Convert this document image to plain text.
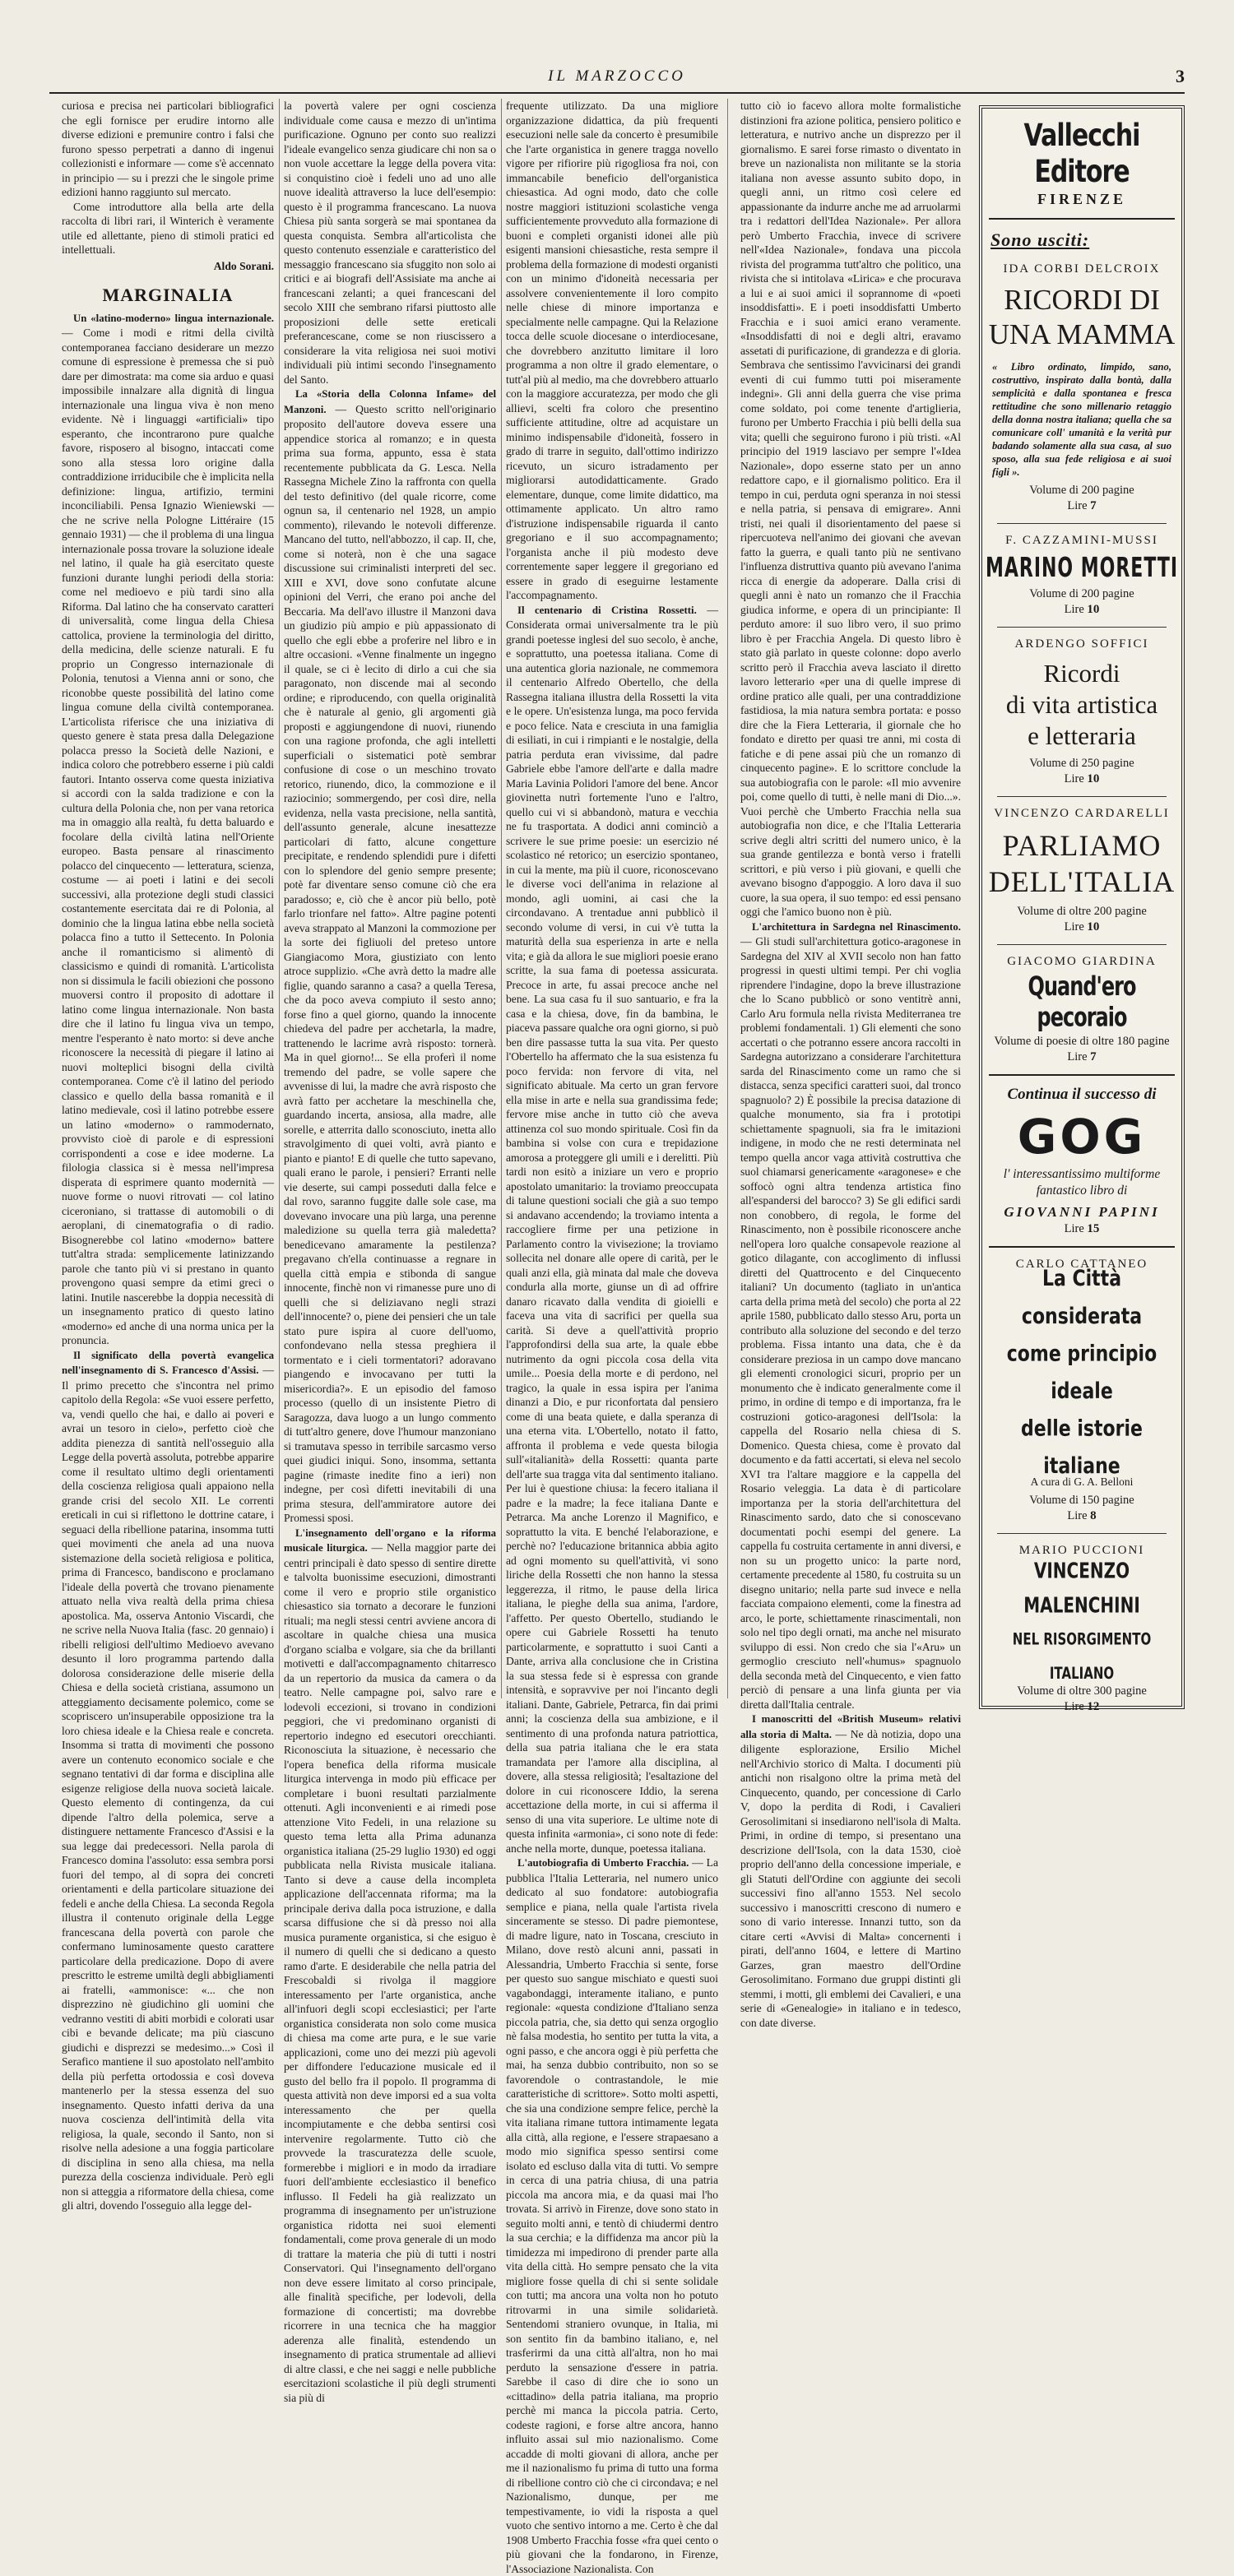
IL MARZOCCO	3

curiosa e precisa nei particolari bibliografici che egli fornisce per erudire intorno alle diverse edizioni e premunire contro i falsi che furono spesso perpetrati a danno di ingenui collezionisti e informare — come s'è accennato in principio — su i prezzi che le singole prime edizioni hanno raggiunto sul mercato.

Come introduttore alla bella arte della raccolta di libri rari, il Winterich è veramente utile ed allettante, pieno di stimoli pratici ed intellettuali.

Aldo Sorani.
MARGINALIA

Un «latino-moderno» lingua internazionale. — Come i modi e ritmi della civiltà contemporanea facciano desiderare un mezzo comune di espressione è premessa che si può dare per dimostrata: ma come sia arduo e quasi impossibile innalzare alla dignità di lingua internazionale una lingua viva è non meno evidente. Nè i linguaggi «artificiali» tipo esperanto, che incontrarono pure qualche favore, risposero al bisogno, intaccati come sono alla stessa loro origine dalla contraddizione irriducibile che è implicita nella definizione: lingua, artifizio, termini inconciliabili. Pensa Ignazio Wieniewski — che ne scrive nella Pologne Littéraire (15 gennaio 1931) — che il problema di una lingua internazionale possa trovare la soluzione ideale nel latino, il quale ha già esercitato queste funzioni durante lunghi periodi della storia: come nel medioevo e più tardi sino alla Riforma. Dal latino che ha conservato caratteri di universalità, come lingua della Chiesa cattolica, proviene la terminologia del diritto, della medicina, delle scienze naturali. E fu proprio un Congresso internazionale di Polonia, tenutosi a Vienna anni or sono, che riconobbe queste possibilità del latino come lingua comune della civiltà contemporanea. L'articolista riferisce che una iniziativa di questo genere è stata presa dalla Delegazione polacca presso la Società delle Nazioni, e indica coloro che potrebbero esserne i più caldi fautori. Intanto osserva come questa iniziativa si accordi con la salda tradizione e con la cultura della Polonia che, non per vana retorica ma in omaggio alla realtà, fu detta baluardo e focolare della civiltà latina nell'Oriente europeo. Basta pensare al rinascimento polacco del cinquecento — letteratura, scienza, costume — ai poeti i latini e dei secoli successivi, alla protezione degli studi classici costantemente esercitata dai re di Polonia, al dominio che la lingua latina ebbe nella società polacca fino a tutto il Settecento. In Polonia anche il romanticismo si alimentò di classicismo e quindi di romanità. L'articolista non si dissimula le facili obiezioni che possono muoversi contro il proposito di adottare il latino come lingua internazionale. Non basta dire che il latino fu lingua viva un tempo, mentre l'esperanto è nato morto: si deve anche riconoscere la necessità di piegare il latino ai nuovi molteplici bisogni della civiltà contemporanea. Come c'è il latino del periodo classico e quello della bassa romanità e il latino medievale, così il latino potrebbe essere un latino «moderno» o rammodernato, provvisto cioè di parole e di espressioni corrispondenti a cose e idee moderne. La filologia classica si è messa nell'impresa disperata di esprimere quanto modernità — nuove forme o nuovi ritrovati — col latino ciceroniano, si trattasse di automobili o di aeroplani, di cinematografia o di radio. Bisognerebbe col latino «moderno» battere tutt'altra strada: semplicemente latinizzando parole che tanto più vi si prestano in quanto provengono quasi sempre da etimi greci o latini. Inutile nascerebbe la doppia necessità di un insegnamento pratico di questo latino «moderno» ed anche di una norma unica per la pronuncia.

Il significato della povertà evangelica nell'insegnamento di S. Francesco d'Assisi. — Il primo precetto che s'incontra nel primo capitolo della Regola: «Se vuoi essere perfetto, va, vendi quello che hai, e dallo ai poveri e avrai un tesoro in cielo», perfetto cioè che addita pienezza di santità nell'osseguio alla Legge della povertà assoluta, potrebbe apparire come il resultato ultimo degli orientamenti della coscienza religiosa quali appaiono nella grande crisi del secolo XII. Le correnti ereticali in cui si riflettono le dottrine catare, i seguaci della ribellione patarina, insomma tutti quei movimenti che anela ad una nuova sistemazione della società religiosa e politica, prima di Francesco, bandiscono e proclamano l'ideale della povertà che trovano pienamente attuato nella viva realtà della prima chiesa apostolica. Ma, osserva Antonio Viscardi, che ne scrive nella Nuova Italia (fasc. 20 gennaio) i ribelli religiosi dell'ultimo Medioevo avevano desunto il loro programma partendo dalla dolorosa considerazione delle miserie della Chiesa e della società cristiana, assumono un atteggiamento decisamente polemico, come se scopriscero un'insuperabile opposizione tra la loro chiesa ideale e la Chiesa reale e concreta. Insomma si tratta di movimenti che possono avere un contenuto economico sociale e che segnano tentativi di dar forma e disciplina alle esigenze religiose della nuova società laicale. Questo elemento di contingenza, da cui dipende l'altro della polemica, serve a distinguere nettamente Francesco d'Assisi e la sua legge dai predecessori. Nella parola di Francesco domina l'assoluto: essa sembra porsi fuori del tempo, al di sopra dei concreti orientamenti e della particolare situazione dei fedeli e anche della Chiesa. La seconda Regola illustra il contenuto originale della Legge francescana della povertà con parole che confermano luminosamente questo carattere particolare della predicazione. Dopo di avere prescritto le estreme umiltà degli abbigliamenti ai fratelli, «ammonisce: «... che non disprezzino nè giudichino gli uomini che vedranno vestiti di abiti morbidi e colorati usar cibi e bevande delicate; ma più ciascuno giudichi e disprezzi se medesimo...» Così il Serafico mantiene il suo apostolato nell'ambito della più perfetta ortodossia e così doveva mantenerlo per la stessa essenza del suo insegnamento. Questo infatti deriva da una nuova coscienza dell'intimità della vita religiosa, la quale, secondo il Santo, non si risolve nella adesione a una foggia particolare di disciplina in seno alla chiesa, ma nella purezza della coscienza individuale. Però egli non si atteggia a riformatore della chiesa, come gli altri, dovendo l'osseguio alla legge del-

la povertà valere per ogni coscienza individuale come causa e mezzo di un'intima purificazione. Ognuno per conto suo realizzi l'ideale evangelico senza giudicare chi non sa o non vuole accettare la legge della povera vita: si conquistino cioè i fedeli uno ad uno alle nuove idealità attraverso la luce dell'esempio: questo è il programma francescano. La nuova Chiesa più santa sorgerà se mai spontanea da questa conquista. Sembra all'articolista che questo contenuto essenziale e caratteristico del messaggio francescano sia sfuggito non solo ai critici e ai biografi dell'Assisiate ma anche ai francescani zelanti; a quei francescani del secolo XIII che sembrano rifarsi piuttosto alle proposizioni delle sette ereticali preferancescane, come se non riuscissero a considerare la vita religiosa nei suoi motivi individuali più intimi secondo l'insegnamento del Santo.

La «Storia della Colonna Infame» del Manzoni. — Questo scritto nell'originario proposito dell'autore doveva essere una appendice storica al romanzo; e in questa prima sua forma, appunto, essa è stata recentemente pubblicata da G. Lesca. Nella Rassegna Michele Zino la raffronta con quella del testo definitivo (del quale ricorre, come ognun sa, il centenario nel 1928, un ampio commento), rilevando le notevoli differenze. Mancano del tutto, nell'abbozzo, il cap. II, che, come si noterà, non è che una sagace discussione sui criminalisti interpreti del sec. XIII e XVI, dove sono confutate alcune opinioni del Verri, che erano poi anche del Beccaria. Ma dell'avo illustre il Manzoni dava un giudizio più ampio e più appassionato di quello che egli ebbe a proferire nel libro e in altre occasioni. «Venne finalmente un ingegno il quale, se ci è lecito di dirlo a cui che sia paragonato, non discende mai al secondo ordine; e riproducendo, con quella originalità che è naturale al genio, gli argomenti già proposti e aggiungendone di nuovi, riunendo con una ragione profonda, che agli intelletti superficiali o sistematici potè sembrar confusione di cose o un meschino trovato retorico, riunendo, dico, la commozione e il raziocinio; sommergendo, per così dire, nella evidenza, nella vasta precisione, nella santità, dell'assunto generale, alcune inesattezze particolari di fatto, alcune congetture precipitate, e rendendo splendidi pure i difetti con lo splendore del genio sempre presente; potè far diventare senso comune ciò che era paradosso; e, ciò che è ancor più bello, potè farlo trionfare nel fatto». Altre pagine potenti aveva strappato al Manzoni la commozione per la sorte dei figliuoli del preteso untore Giangiacomo Mora, giustiziato con lento atroce supplizio. «Che avrà detto la madre alle figlie, quando saranno a casa? a quella Teresa, che da poco aveva compiuto il sesto anno; forse fino a quel giorno, quando la innocente chiedeva del padre per acchetarla, la madre, trattenendo le lacrime avrà risposto: tornerà. Ma in quel giorno!... Se ella proferì il nome tremendo del padre, se volle sapere che avvenisse di lui, la madre che avrà risposto che avrà fatto per acchetare la meschinella che, guardando incerta, ansiosa, alla madre, alle sorelle, e atterrita dallo sconosciuto, inetta allo stravolgimento di quei volti, avrà pianto e pianto e pianto! E di quelle che tutto sapevano, quali erano le parole, i pensieri? Erranti nelle vie deserte, sui campi posseduti dalla felce e dal rovo, saranno fuggite dalle sole case, ma dovevano invocare una più larga, una perenne maledizione su quella terra già maledetta? benedicevano amaramente la pestilenza? pregavano ch'ella continuasse a regnare in quella città empia e stibonda di sangue innocente, finchè non vi rimanesse pure uno di quelli che si deliziavano negli strazi dell'innocente? o, piene dei pensieri che un tale stato pure ispira al cuore dell'uomo, confondevano nella stessa preghiera il tormentato e i cieli tormentatori? adoravano piangendo e invocavano per tutti la misericordia?». E un episodio del famoso processo (quello di un insistente Pietro di Saragozza, dava luogo a un lungo commento di tutt'altro genere, dove l'humour manzoniano si tramutava spesso in terribile sarcasmo verso quei giudici iniqui. Sono, insomma, settanta pagine (rimaste inedite fino a ieri) non indegne, per così difetti inevitabili di una prima stesura, dell'ammiratore autore dei Promessi sposi.

L'insegnamento dell'organo e la riforma musicale liturgica. — Nella maggior parte dei centri principali è dato spesso di sentire dirette e talvolta buonissime esecuzioni, dimostranti come il vero e proprio stile organistico chiesastico sia tornato a decorare le funzioni rituali; ma negli stessi centri avviene ancora di ascoltare in qualche chiesa una musica d'organo scialba e volgare, sia che da brillanti motivetti e dall'accompagnamento chitarresco da un repertorio da musica da camera o da teatro. Nelle campagne poi, salvo rare e lodevoli eccezioni, si trovano in condizioni peggiori, che vi predominano organisti di repertorio indegno ed esecutori orecchianti. Riconosciuta la situazione, è necessario che l'opera benefica della riforma musicale liturgica intervenga in modo più efficace per completare i buoni resultati parzialmente ottenuti. Agli inconvenienti e ai rimedi pose attenzione Vito Fedeli, in una relazione su questo tema letta alla Prima adunanza organistica italiana (25-29 luglio 1930) ed oggi pubblicata nella Rivista musicale italiana. Tanto si deve a cause della incompleta applicazione dell'accennata riforma; ma la principale deriva dalla poca istruzione, e dalla scarsa diffusione che si dà presso noi alla musica puramente organistica, si che esiguo è il numero di quelli che si dedicano a questo ramo d'arte. E desiderabile che nella patria del Frescobaldi si rivolga il maggiore interessamento per l'arte organistica, anche all'infuori degli scopi ecclesiastici; per l'arte organistica considerata non solo come musica di chiesa ma come arte pura, e le sue varie applicazioni, come uno dei mezzi più agevoli per diffondere l'educazione musicale ed il gusto del bello fra il popolo. Il programma di questa attività non deve imporsi ed a sua volta interessamento che per quella incompiutamente e che debba sentirsi così intervenire regolarmente. Tutto ciò che provvede la trascuratezza delle scuole, formerebbe i migliori e in modo da irradiare fuori dell'ambiente ecclesiastico il benefico influsso. Il Fedeli ha già realizzato un programma di insegnamento per un'istruzione organistica ridotta nei suoi elementi fondamentali, come prova generale di un modo di trattare la materia che più di tutti i nostri Conservatori. Qui l'insegnamento dell'organo non deve essere limitato al corso principale, alle finalità specifiche, per lodevoli, della formazione di concertisti; ma dovrebbe ricorrere in una tecnica che ha maggior aderenza alle finalità, estendendo un insegnamento di pratica strumentale ad allievi di altre classi, e che nei saggi e nelle pubbliche esercitazioni scolastiche il più degli strumenti sia più di

frequente utilizzato. Da una migliore organizzazione didattica, da più frequenti esecuzioni nelle sale da concerto è presumibile che l'arte organistica in genere tragga novello vigore per rifiorire più rigogliosa fra noi, con immancabile beneficio dell'organistica chiesastica. Ad ogni modo, dato che colle nostre maggiori istituzioni scolastiche venga sufficientemente provveduto alla formazione di buoni e completi organisti idonei alle più esigenti mansioni chiesastiche, resta sempre il problema della formazione di modesti organisti con un minimo d'idoneità necessaria per assolvere convenientemente il loro compito nelle chiese di minore importanza e specialmente nelle campagne. Qui la Relazione tocca delle scuole diocesane o interdiocesane, che dovrebbero anzitutto limitare il loro programma a non oltre il grado elementare, o tutt'al più al medio, ma che dovrebbero attuarlo con la maggiore accuratezza, per modo che gli allievi, scelti fra coloro che presentino sufficiente attitudine, oltre ad acquistare un minimo indispensabile d'idoneità, fossero in grado di trarre in seguito, dall'ottimo indirizzo ricevuto, un sicuro istradamento per migliorarsi autodidatticamente. Grado elementare, dunque, come limite didattico, ma ottimamente applicato. Un altro ramo d'istruzione indispensabile riguarda il canto gregoriano e il suo accompagnamento; l'organista anche il più modesto deve correntemente saper leggere il gregoriano ed essere in grado di eseguirne lestamente l'accompagnamento.

Il centenario di Cristina Rossetti. — Considerata ormai universalmente tra le più grandi poetesse inglesi del suo secolo, è anche, e soprattutto, una poetessa italiana. Come di una autentica gloria nazionale, ne commemora il centenario Alfredo Obertello, che della Rassegna italiana illustra della Rossetti la vita e le opere. Un'esistenza lunga, ma poco fervida e poco felice. Nata e cresciuta in una famiglia di esiliati, in cui i rimpianti e le nostalgie, della patria perduta eran vivissime, dal padre Gabriele ebbe l'amore dell'arte e dalla madre Maria Lavinia Polidori l'amore del bene. Ancor giovinetta nutrì fortemente l'uno e l'altro, quello cui vi si abbandonò, matura e vecchia ne fu trasportata. A dodici anni cominciò a scrivere le sue prime poesie: un esercizio né scolastico né retorico; un esercizio spontaneo, in cui la mente, ma più il cuore, riconoscevano le diverse voci dell'anima in relazione al mondo, agli uomini, ai casi che la circondavano. A trentadue anni pubblicò il secondo volume di versi, in cui v'è tutta la maturità della sua esperienza in arte e nella vita; e già da allora le sue migliori poesie erano scritte, la sua fama di poetessa assicurata. Precoce in arte, fu assai precoce anche nel bene. La sua casa fu il suo santuario, e fra la casa e la chiesa, dove, fin da bambina, le piaceva passare qualche ora ogni giorno, si può ben dire passasse tutta la sua vita. Per questo l'Obertello ha affermato che la sua esistenza fu poco fervida: non fervore di vita, nel significato abituale. Ma certo un gran fervore ella mise in arte e nella sua grandissima fede; fervore mise anche in tutto ciò che aveva attinenza col suo mondo spirituale. Così fin da bambina si volse con cura e trepidazione amorosa a proteggere gli umili e i derelitti. Più tardi non esitò a iniziare un vero e proprio apostolato umanitario: la troviamo preoccupata di talune questioni sociali che già a suo tempo si andavano accendendo; la troviamo intenta a raccogliere firme per una petizione in Parlamento contro la vivisezione; la troviamo sollecita nel donare alle opere di carità, per le quali anzi ella, già minata dal male che doveva condurla alla morte, giunse un dì ad offrire danaro ricavato dalla vendita di gioielli e faceva una vita di sacrifici per quella sua carità. Si deve a quell'attività proprio l'approfondirsi della sua arte, la quale ebbe nutrimento da ogni piccola cosa della vita umile... Poesia della morte e di perdono, nel tragico, la quale in essa ispira per l'anima dinanzi a Dio, e pur riconfortata dal pensiero come di una beata quiete, e dalla speranza di una eterna vita. L'Obertello, notato il fatto, affronta il problema e vede questa bilogia sull'«italianità» della Rossetti: quanta parte dell'arte sua tragga vita dal sentimento italiano. Per lui è questione chiusa: la fecero italiana il padre e la madre; la fece italiana Dante e Petrarca. Ma anche Lorenzo il Magnifico, e soprattutto la vita. E benché l'elaborazione, e perchè no? l'educazione britannica abbia agito ad ogni momento su quell'attività, vi sono liriche della Rossetti che non hanno la stessa leggerezza, il ritmo, le pause della lirica italiana, le pieghe della sua anima, l'ardore, l'affetto. Per questo Obertello, studiando le opere cui Gabriele Rossetti ha tenuto particolarmente, e soprattutto i suoi Canti a Dante, arriva alla conclusione che in Cristina la sua stessa fede si è espressa con grande intensità, e sopravvive per noi l'incanto degli italiani. Dante, Gabriele, Petrarca, fin dai primi anni; la coscienza della sua ambizione, e il sentimento di una profonda natura patriottica, della sua patria italiana che le era stata tramandata per l'amore alla disciplina, al dovere, alla stessa religiosità; l'esaltazione del dolore in cui riconoscere Iddio, la serena accettazione della morte, in cui si afferma il senso di una vita superiore. Le ultime note di questa infinita «armonia», ci sono note di fede: anche nella morte, dunque, poetessa italiana.

L'autobiografia di Umberto Fracchia. — La pubblica l'Italia Letteraria, nel numero unico dedicato al suo fondatore: autobiografia semplice e piana, nella quale l'artista rivela sinceramente se stesso. Di padre piemontese, di madre ligure, nato in Toscana, cresciuto in Milano, dove restò alcuni anni, passati in Alessandria, Umberto Fracchia si sente, forse per questo suo sangue mischiato e questi suoi vagabondaggi, interamente italiano, e punto regionale: «questa condizione d'Italiano senza piccola patria, che, sia detto qui senza orgoglio nè falsa modestia, ho sentito per tutta la vita, a ogni passo, e che ancora oggi è più perfetta che mai, ha senza dubbio contribuito, non so se favorendole o contrastandole, le mie caratteristiche di scrittore». Sotto molti aspetti, che sia una condizione sempre felice, perchè la vita italiana rimane tuttora intimamente legata alla città, alla regione, e l'essere strapaesano a modo mio significa spesso sentirsi come isolato ed escluso dalla vita di tutti. Vo sempre in cerca di una patria chiusa, di una patria piccola ma ancora mia, e da quasi mai l'ho trovata. Si arrivò in Firenze, dove sono stato in seguito molti anni, e tentò di chiudermi dentro la sua cerchia; e la diffidenza ma ancor più la timidezza mi impedirono di prender parte alla vita della città. Ho sempre pensato che la vita migliore fosse quella di chi si sente solidale con tutti; ma ancora una volta non ho potuto ritrovarmi in una simile solidarietà. Sentendomi straniero ovunque, in Italia, mi son sentito fin da bambino italiano, e, nel trasferirmi da una città all'altra, non ho mai perduto la sensazione d'essere in patria. Sarebbe il caso di dire che io sono un «cittadino» della patria italiana, ma proprio perchè mi manca la piccola patria. Certo, codeste ragioni, e forse altre ancora, hanno influito assai sul mio nazionalismo. Come accadde di molti giovani di allora, anche per me il nazionalismo fu prima di tutto una forma di ribellione contro ciò che ci circondava; e nel Nazionalismo, dunque, per me tempestivamente, io vidi la risposta a quel vuoto che sentivo intorno a me. Certo è che dal 1908 Umberto Fracchia fosse «fra quei cento o più giovani che la fondarono, in Firenze, l'Associazione Nazionalista. Con

tutto ciò io facevo allora molte formalistiche distinzioni fra azione politica, pensiero politico e letteratura, e nutrivo anche un disprezzo per il giornalismo. E sarei forse rimasto o diventato in breve un nazionalista non militante se la storia italiana non avesse assunto subito dopo, in quegli anni, un ritmo così celere ed appassionante da indurre anche me ad arruolarmi tra i redattori dell'Idea Nazionale». Per allora però Umberto Fracchia, invece di scrivere nell'«Idea Nazionale», fondava una piccola rivista del programma tutt'altro che politico, una rivista che si intitolava «Lirica» e che procurava a lui e ai suoi amici il soprannome di «poeti insoddisfatti». E i poeti insoddisfatti Umberto Fracchia e i suoi amici erano veramente. «Insoddisfatti di noi e degli altri, eravamo assetati di purificazione, di grandezza e di gloria. Sembrava che sentissimo l'avvicinarsi dei grandi eventi di cui fummo tutti poi miseramente indegni». Gli anni della guerra che vise prima come soldato, poi come tenente d'artiglieria, furono per Umberto Fracchia i più belli della sua vita; quelli che seguirono furono i più tristi. «Al principio del 1919 lasciavo per sempre l'«Idea Nazionale», dopo esserne stato per un anno redattore capo, e il giornalismo politico. Era il tempo in cui, perduta ogni speranza in noi stessi e nella patria, si pensava di emigrare». Anni tristi, nei quali il disorientamento del paese si ripercuoteva nell'animo dei giovani che avevan fatto la guerra, e quali tanto più ne sentivano l'influenza distruttiva quanto più avevano l'anima ricca di energie da adoperare. Dalla crisi di quegli anni è nato un romanzo che il Fracchia giudica informe, e opera di un principiante: Il perduto amore: il suo libro vero, il suo primo libro è per Fracchia Angela. Di questo libro è stato già parlato in queste colonne: dopo averlo scritto però il Fracchia aveva lasciato il diretto lavoro letterario «per una di quelle imprese di ordine pratico alle quali, per una contraddizione fastidiosa, la mia natura sembra portata: e posso dire che la Fiera Letteraria, il giornale che ho fondato e diretto per quasi tre anni, mi costa di fatiche e di pene assai più che un romanzo di cinquecento pagine». E lo scrittore conclude la sua autobiografia con le parole: «Il mio avvenire poi, come quello di tutti, è nelle mani di Dio...». Vuoi perchè che Umberto Fracchia nella sua autobiografia non dice, e che l'Italia Letteraria scrive degli altri scritti del numero unico, è la sua grande gentilezza e bontà verso i fratelli scrittori, e più verso i più giovani, e quelli che avevano bisogno d'appoggio. A loro dava il suo cuore, la sua opera, il suo tempo: ed essi pensano oggi che l'amico buono non è più.

L'architettura in Sardegna nel Rinascimento. — Gli studi sull'architettura gotico-aragonese in Sardegna del XIV al XVII secolo non han fatto progressi in questi ultimi tempi. Per chi voglia riprendere l'indagine, dopo la breve illustrazione che lo Scano pubblicò or sono ventitrè anni, Carlo Aru formula nella rivista Mediterranea tre problemi fondamentali. 1) Gli elementi che sono accertati o che potranno essere ancora raccolti in Sardegna autorizzano a considerare l'architettura sarda del Rinascimento come un ramo che si distacca, senza specifici caratteri suoi, dal tronco spagnuolo? 2) È possibile la precisa datazione di qualche monumento, sia fra i prototipi schiettamente spagnuoli, sia fra le imitazioni indigene, in modo che ne resti determinata nel tempo quella ancor vaga attività costruttiva che suol chiamarsi genericamente «aragonese» e che soffocò ogni altra tendenza artistica fino all'espandersi del barocco? 3) Se gli edifici sardi non conobbero, di regola, le forme del Rinascimento, non è possibile riconoscere anche nell'opera loro qualche consapevole reazione al gotico dilagante, con accoglimento di influssi diretti del Quattrocento e del Cinquecento italiani? Un documento (tagliato in un'antica carta della prima metà del secolo) che porta al 22 aprile 1580, pubblicato dallo stesso Aru, porta un contributo alla soluzione del secondo e del terzo problema. Fissa intanto una data, che è da considerare preziosa in un campo dove mancano gli elementi cronologici sicuri, proprio per un monumento che è indicato generalmente come il primo, in ordine di tempo e di importanza, fra le costruzioni gotico-aragonesi dell'Isola: la cappella del Rosario nella chiesa di S. Domenico. Questa chiesa, come è provato dal documento e da fatti accertati, si eleva nel secolo XVI tra l'altare maggiore e la cappella del Rosario veleggia. La data è di particolare importanza per la storia dell'architettura del Rinascimento sardo, dato che si conoscevano documentati pochi esempi del genere. La cappella fu costruita certamente in anni diversi, e non su un progetto unico: la parte nord, certamente precedente al 1580, fu costruita su un disegno unitario; nella parte sud invece e nella facciata compaiono elementi, come la finestra ad arco, le porte, schiettamente rinascimentali, non solo nel tipo degli ornati, ma anche nel misurato sviluppo di essi. Non credo che sia l'«Aru» un germoglio cresciuto nell'«humus» spagnuolo della seconda metà del Cinquecento, e vien fatto perciò di pensare a una linfa giunta per via diretta dall'Italia centrale.

I manoscritti del «British Museum» relativi alla storia di Malta. — Ne dà notizia, dopo una diligente esplorazione, Ersilio Michel nell'Archivio storico di Malta. I documenti più antichi non risalgono oltre la prima metà del Cinquecento, quando, per concessione di Carlo V, dopo la perdita di Rodi, i Cavalieri Gerosolimitani si insediarono nell'isola di Malta. Primi, in ordine di tempo, si presentano una descrizione dell'Isola, con la data 1530, cioè proprio dell'anno della concessione imperiale, e gli Statuti dell'Ordine con aggiunte dei secoli successivi fino all'anno 1553. Nel secolo successivo i manoscritti crescono di numero e sono di vario interesse. Innanzi tutto, son da citare certi «Avvisi di Malta» concernenti i pirati, dell'anno 1604, e lettere di Martino Garzes, gran maestro dell'Ordine Gerosolimitano. Formano due gruppi distinti gli stemmi, i motti, gli emblemi dei Cavalieri, e una serie di «Genealogie» in italiano e in tedesco, con date diverse.

Vallecchi Editore
FIRENZE
Sono usciti:
IDA CORBI DELCROIX
RICORDI DI UNA MAMMA
« Libro ordinato, limpido, sano, costruttivo, inspirato dalla bontà, dalla semplicità e dalla spontanea e fresca rettitudine che sono millenario retaggio della donna nostra italiana; quella che sa comunicare coll' umanità e la verità pur badando solamente alla sua casa, al suo sposo, alla sua fede religiosa e ai suoi figli ».
Volume di 200 pagine
Lire 7
F. CAZZAMINI-MUSSI
MARINO MORETTI
Volume di 200 pagine
Lire 10
ARDENGO SOFFICI
Ricordi
di vita artistica
e letteraria
Volume di 250 pagine
Lire 10
VINCENZO CARDARELLI
PARLIAMO
DELL'ITALIA
Volume di oltre 200 pagine
Lire 10
GIACOMO GIARDINA
Quand'ero pecoraio
Volume di poesie di oltre 180 pagine
Lire 7
Continua il successo di
GOG
l' interessantissimo multiforme fantastico libro di
GIOVANNI PAPINI
Lire 15
CARLO CATTANEO
La Città considerata
come principio ideale
delle istorie italiane
A cura di G. A. Belloni
Volume di 150 pagine
Lire 8
MARIO PUCCIONI
VINCENZO MALENCHINI
NEL RISORGIMENTO ITALIANO
Volume di oltre 300 pagine
Lire 12
